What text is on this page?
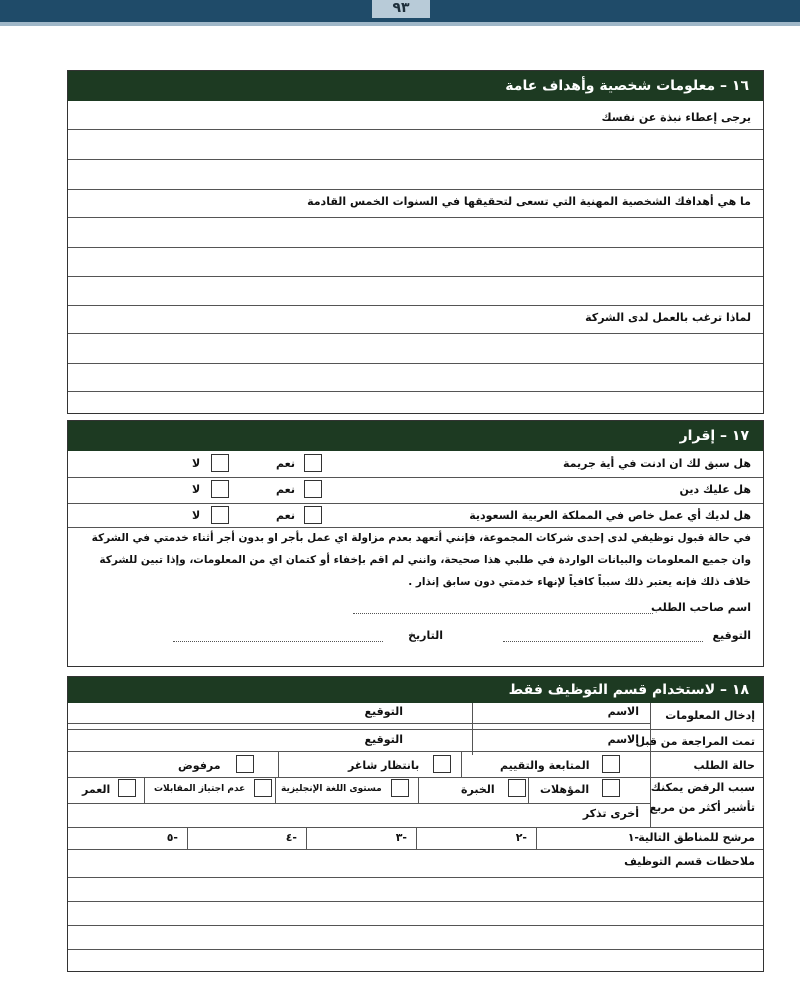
٩٣
١٦ – معلومات شخصية وأهداف عامة
يرجى إعطاء نبذة عن نفسك
ما هي أهدافك الشخصية المهنية التي تسعى لتحقيقها في السنوات الخمس القادمة
لماذا ترغب بالعمل لدى الشركة
١٧ – إقرار
هل سبق لك ان ادنت في أية جريمة
نعم
لا
هل عليك دين
نعم
لا
هل لديك أي عمل خاص في المملكة العربية السعودية
نعم
لا
في حالة قبول توظيفي لدى إحدى شركات المجموعة، فإنني أتعهد بعدم مزاولة اي عمل بأجر او بدون أجر أثناء خدمتي في الشركة
وان جميع المعلومات والبيانات الواردة في طلبي هذا صحيحة، وانني لم اقم بإخفاء أو كتمان اي من المعلومات، وإذا تبين للشركة
خلاف ذلك فإنه يعتبر ذلك سبباً كافياً لإنهاء خدمتي دون سابق إنذار .
اسم صاحب الطلب
التوقيع
التاريخ
١٨ – لاستخدام قسم التوظيف فقط
إدخال المعلومات
الاسم
التوقيع
تمت المراجعة من قبل
الاسم
التوقيع
حالة الطلب
المتابعة والتقييم
بانتظار شاغر
مرفوض
سبب الرفض يمكنك
تأشير أكثر من مربع
المؤهلات
الخبرة
مستوى اللغة الإنجليزية
عدم اجتياز المقابلات
العمر
أخرى تذكر
مرشح للمناطق التالية
-١
-٢
-٣
-٤
-٥
ملاحظات قسم التوظيف
